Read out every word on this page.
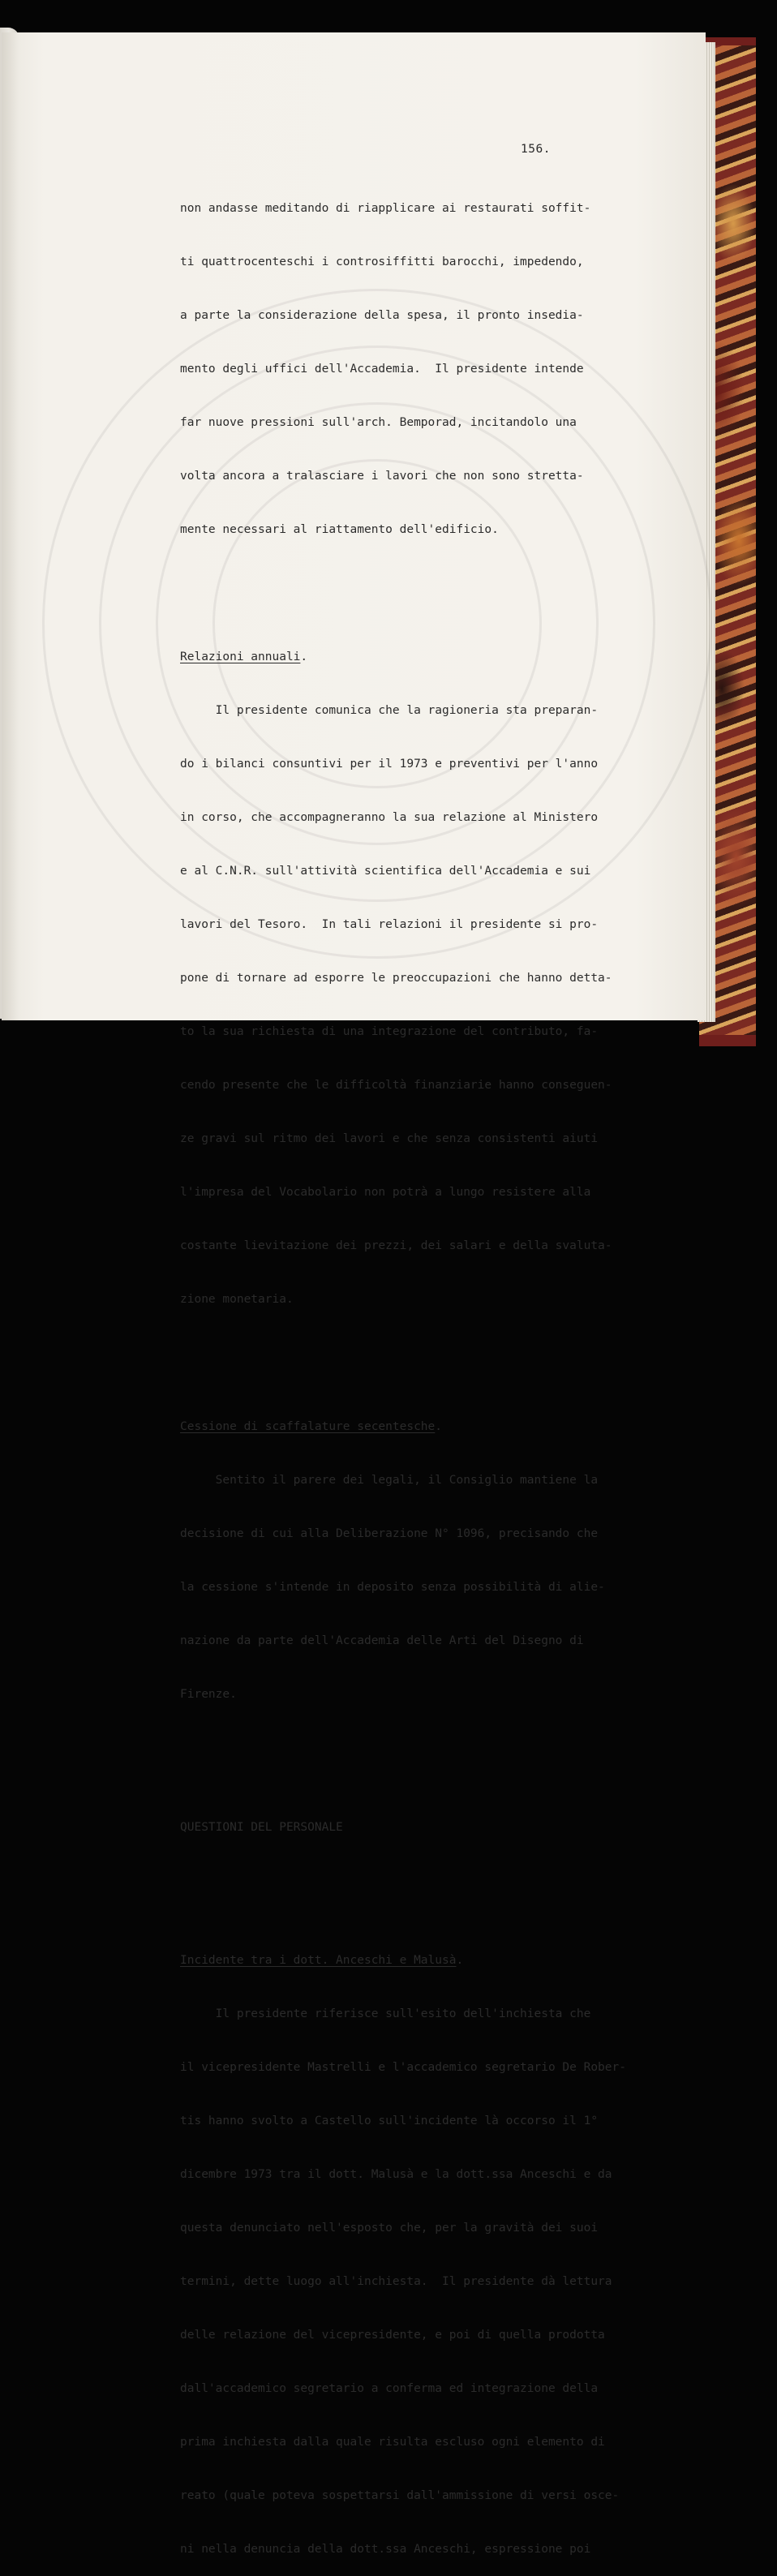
156.

non andasse meditando di riapplicare ai restaurati soffit-

ti quattrocenteschi i controsiffitti barocchi, impedendo,

a parte la considerazione della spesa, il pronto insedia-

mento degli uffici dell'Accademia.  Il presidente intende

far nuove pressioni sull'arch. Bemporad, incitandolo una

volta ancora a tralasciare i lavori che non sono stretta-

mente necessari al riattamento dell'edificio.

Relazioni annuali.

Il presidente comunica che la ragioneria sta preparan-

do i bilanci consuntivi per il 1973 e preventivi per l'anno

in corso, che accompagneranno la sua relazione al Ministero

e al C.N.R. sull'attività scientifica dell'Accademia e sui

lavori del Tesoro.  In tali relazioni il presidente si pro-

pone di tornare ad esporre le preoccupazioni che hanno detta-

to la sua richiesta di una integrazione del contributo, fa-

cendo presente che le difficoltà finanziarie hanno conseguen-

ze gravi sul ritmo dei lavori e che senza consistenti aiuti

l'impresa del Vocabolario non potrà a lungo resistere alla

costante lievitazione dei prezzi, dei salari e della svaluta-

zione monetaria.

Cessione di scaffalature secentesche.

Sentito il parere dei legali, il Consiglio mantiene la

decisione di cui alla Deliberazione N° 1096, precisando che

la cessione s'intende in deposito senza possibilità di alie-

nazione da parte dell'Accademia delle Arti del Disegno di

Firenze.

QUESTIONI DEL PERSONALE

Incidente tra i dott. Anceschi e Malusà.

Il presidente riferisce sull'esito dell'inchiesta che

il vicepresidente Mastrelli e l'accademico segretario De Rober-

tis hanno svolto a Castello sull'incidente là occorso il 1°

dicembre 1973 tra il dott. Malusà e la dott.ssa Anceschi e da

questa denunciato nell'esposto che, per la gravità dei suoi

termini, dette luogo all'inchiesta.  Il presidente dà lettura

delle relazione del vicepresidente, e poi di quella prodotta

dall'accademico segretario a conferma ed integrazione della

prima inchiesta dalla quale risulta escluso ogni elemento di

reato (quale poteva sospettarsi dall'ammissione di versi osce-

ni nella denuncia della dott.ssa Anceschi, espressione poi
